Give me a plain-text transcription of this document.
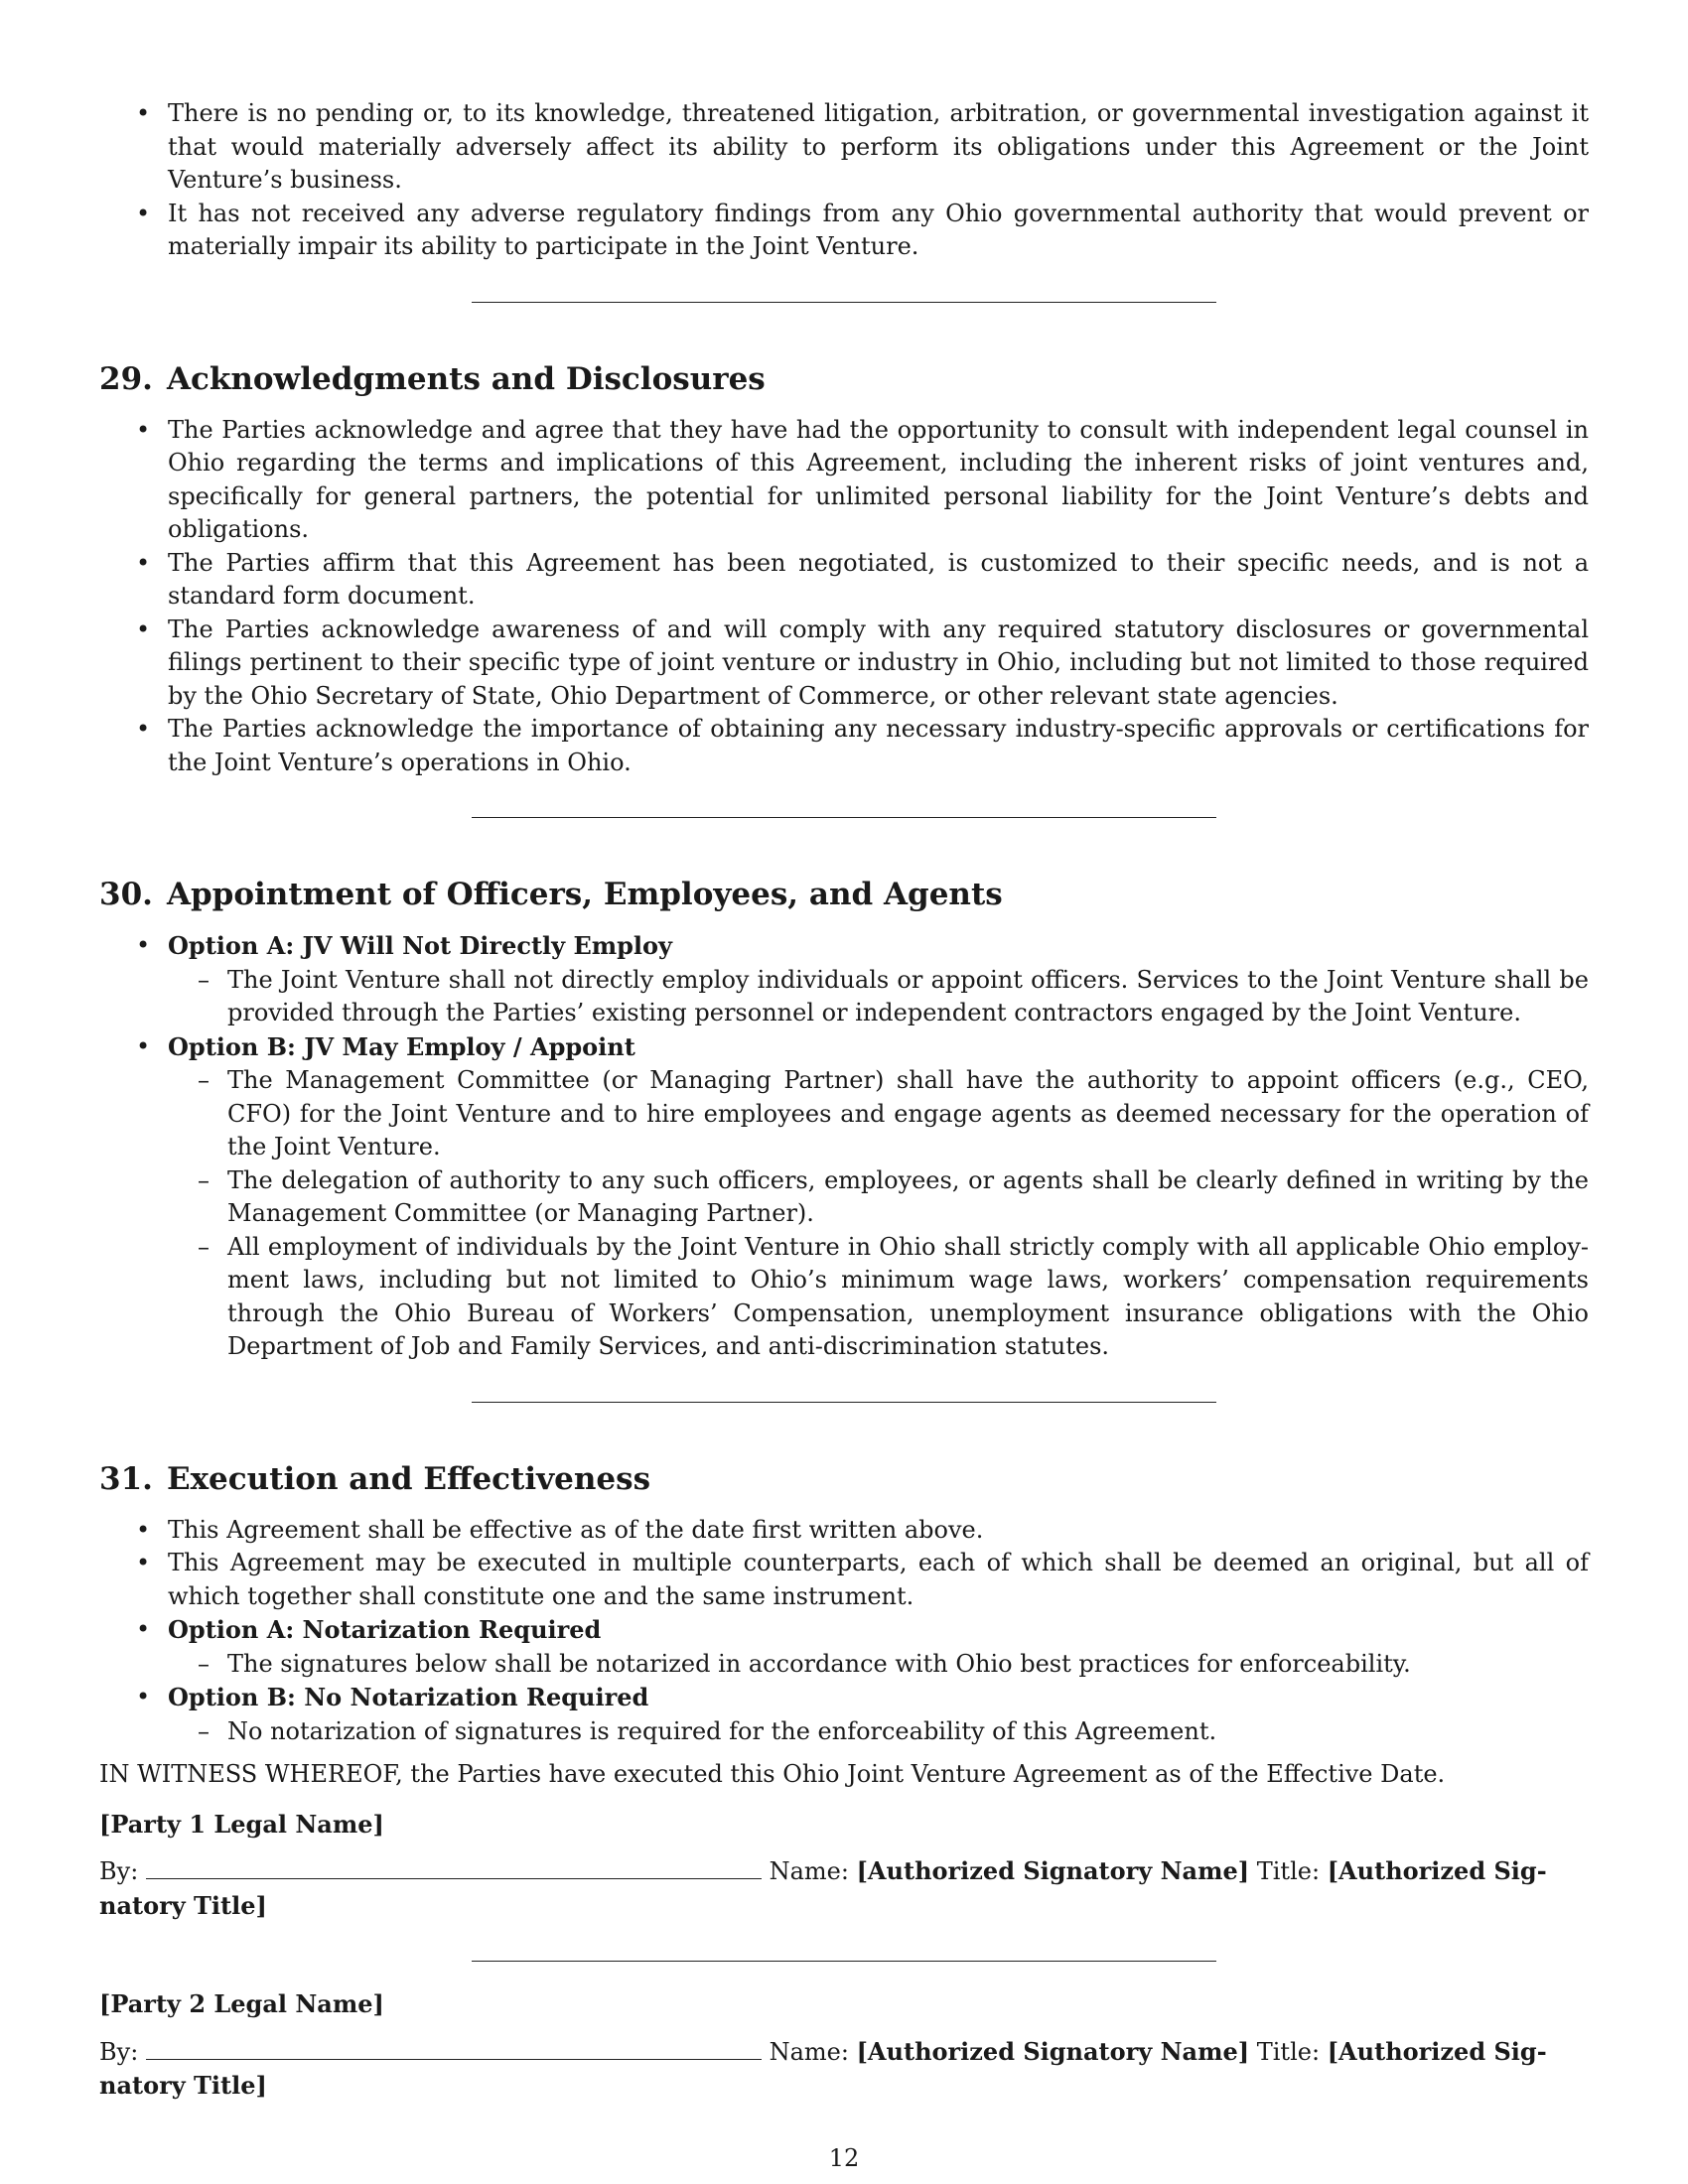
• There is no pending or, to its knowledge, threatened litigation, arbitration, or governmental investigation against it that would materially adversely affect its ability to perform its obligations under this Agreement or the Joint Venture’s business.
• It has not received any adverse regulatory findings from any Ohio governmental authority that would prevent or materially impair its ability to participate in the Joint Venture.
29. Acknowledgments and Disclosures
• The Parties acknowledge and agree that they have had the opportunity to consult with independent legal counsel in Ohio regarding the terms and implications of this Agreement, including the inherent risks of joint ventures and, specifically for general partners, the potential for unlimited personal liability for the Joint Venture’s debts and obligations.
• The Parties affirm that this Agreement has been negotiated, is customized to their specific needs, and is not a standard form document.
• The Parties acknowledge awareness of and will comply with any required statutory disclosures or governmental filings pertinent to their specific type of joint venture or industry in Ohio, including but not limited to those required by the Ohio Secretary of State, Ohio Department of Commerce, or other relevant state agencies.
• The Parties acknowledge the importance of obtaining any necessary industry-specific approvals or certifications for the Joint Venture’s operations in Ohio.
30. Appointment of Officers, Employees, and Agents
• Option A: JV Will Not Directly Employ
– The Joint Venture shall not directly employ individuals or appoint officers. Services to the Joint Venture shall be provided through the Parties’ existing personnel or independent contractors engaged by the Joint Venture.
• Option B: JV May Employ / Appoint
– The Management Committee (or Managing Partner) shall have the authority to appoint officers (e.g., CEO, CFO) for the Joint Venture and to hire employees and engage agents as deemed necessary for the operation of the Joint Venture.
– The delegation of authority to any such officers, employees, or agents shall be clearly defined in writing by the Management Committee (or Managing Partner).
– All employment of individuals by the Joint Venture in Ohio shall strictly comply with all applicable Ohio employment laws, including but not limited to Ohio’s minimum wage laws, workers’ compensation requirements through the Ohio Bureau of Workers’ Compensation, unemployment insurance obligations with the Ohio Department of Job and Family Services, and anti-discrimination statutes.
31. Execution and Effectiveness
• This Agreement shall be effective as of the date first written above.
• This Agreement may be executed in multiple counterparts, each of which shall be deemed an original, but all of which together shall constitute one and the same instrument.
• Option A: Notarization Required
– The signatures below shall be notarized in accordance with Ohio best practices for enforceability.
• Option B: No Notarization Required
– No notarization of signatures is required for the enforceability of this Agreement.
IN WITNESS WHEREOF, the Parties have executed this Ohio Joint Venture Agreement as of the Effective Date.
[Party 1 Legal Name]
By:	Name: [Authorized Signatory Name] Title: [Authorized Signatory Title]
[Party 2 Legal Name]
By:	Name: [Authorized Signatory Name] Title: [Authorized Signatory Title]
12
